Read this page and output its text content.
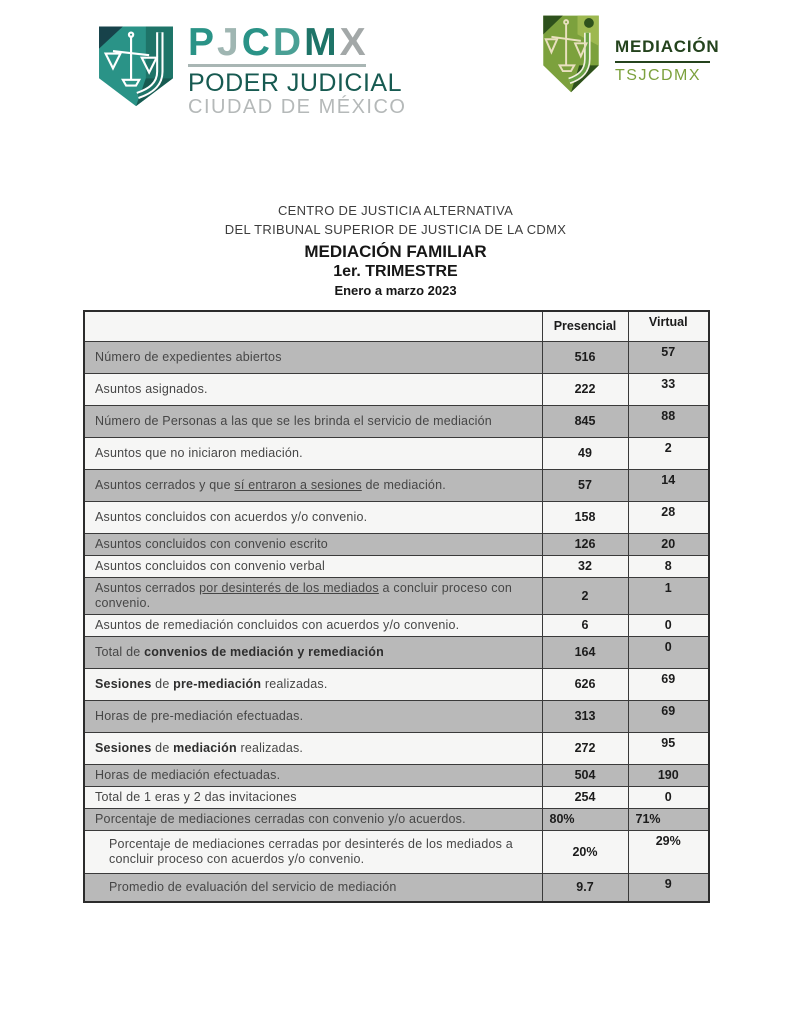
PJCDMX
PODER JUDICIAL
CIUDAD DE MÉXICO
MEDIACIÓN
TSJCDMX
CENTRO DE JUSTICIA ALTERNATIVA
DEL TRIBUNAL SUPERIOR DE JUSTICIA DE LA CDMX
MEDIACIÓN FAMILIAR
1er. TRIMESTRE
Enero a marzo 2023
	Presencial	Virtual
Número de expedientes abiertos	516	57
Asuntos asignados.	222	33
Número de Personas a las que se les brinda el servicio de mediación	845	88
Asuntos que no iniciaron mediación.	49	2
Asuntos cerrados y que sí entraron a sesiones de mediación.	57	14
Asuntos concluidos con acuerdos y/o convenio.	158	28
Asuntos concluidos con convenio escrito	126	20
Asuntos concluidos con convenio verbal	32	8
Asuntos cerrados por desinterés de los mediados a concluir proceso con convenio.	2	1
Asuntos de remediación concluidos con acuerdos y/o convenio.	6	0
Total de convenios de mediación y remediación	164	0
Sesiones de pre-mediación realizadas.	626	69
Horas de pre-mediación efectuadas.	313	69
Sesiones de mediación realizadas.	272	95
Horas de mediación efectuadas.	504	190
Total de 1 eras y 2 das invitaciones	254	0
Porcentaje de mediaciones cerradas con convenio y/o acuerdos.	80%	71%
Porcentaje de mediaciones cerradas por desinterés de los mediados a concluir proceso con acuerdos y/o convenio.	20%	29%
Promedio de evaluación del servicio de mediación	9.7	9
